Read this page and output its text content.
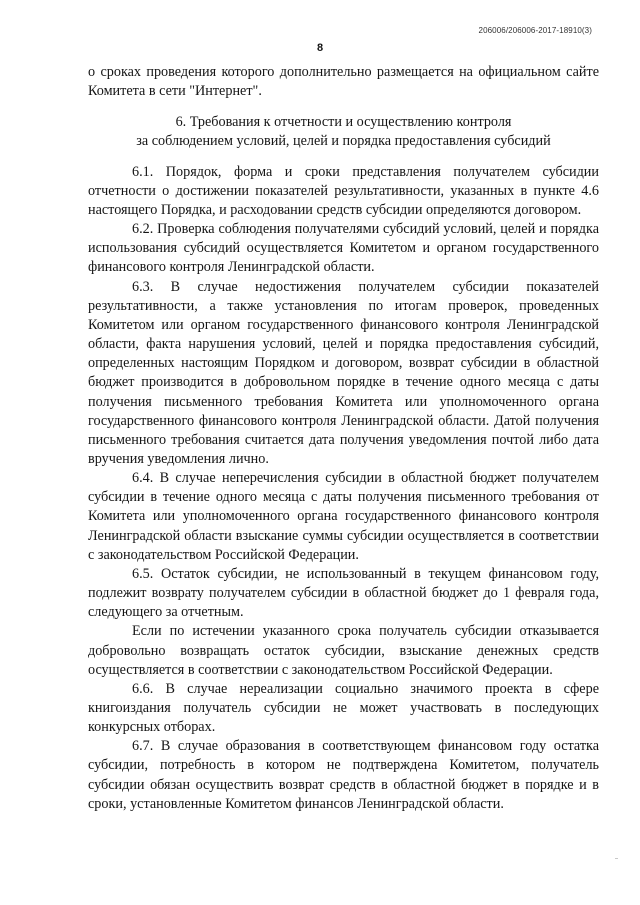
206006/206006-2017-18910(3)
8

о сроках проведения которого дополнительно размещается на официальном сайте Комитета в сети "Интернет".

6. Требования к отчетности и осуществлению контроля
за соблюдением условий, целей и порядка предоставления субсидий

6.1. Порядок, форма и сроки представления получателем субсидии отчетности о достижении показателей результативности, указанных в пункте 4.6 настоящего Порядка, и расходовании средств субсидии определяются договором.

6.2. Проверка соблюдения получателями субсидий условий, целей и порядка использования субсидий осуществляется Комитетом и органом государственного финансового контроля Ленинградской области.

6.3. В случае недостижения получателем субсидии показателей результативности, а также установления по итогам проверок, проведенных Комитетом или органом государственного финансового контроля Ленинградской области, факта нарушения условий, целей и порядка предоставления субсидий, определенных настоящим Порядком и договором, возврат субсидии в областной бюджет производится в добровольном порядке в течение одного месяца с даты получения письменного требования Комитета или уполномоченного органа государственного финансового контроля Ленинградской области. Датой получения письменного требования считается дата получения уведомления почтой либо дата вручения уведомления лично.

6.4. В случае неперечисления субсидии в областной бюджет получателем субсидии в течение одного месяца с даты получения письменного требования от Комитета или уполномоченного органа государственного финансового контроля Ленинградской области взыскание суммы субсидии осуществляется в соответствии с законодательством Российской Федерации.

6.5. Остаток субсидии, не использованный в текущем финансовом году, подлежит возврату получателем субсидии в областной бюджет до 1 февраля года, следующего за отчетным.

Если по истечении указанного срока получатель субсидии отказывается добровольно возвращать остаток субсидии, взыскание денежных средств осуществляется в соответствии с законодательством Российской Федерации.

6.6. В случае нереализации социально значимого проекта в сфере книгоиздания получатель субсидии не может участвовать в последующих конкурсных отборах.

6.7. В случае образования в соответствующем финансовом году остатка субсидии, потребность в котором не подтверждена Комитетом, получатель субсидии обязан осуществить возврат средств в областной бюджет в порядке и в сроки, установленные Комитетом финансов Ленинградской области.
